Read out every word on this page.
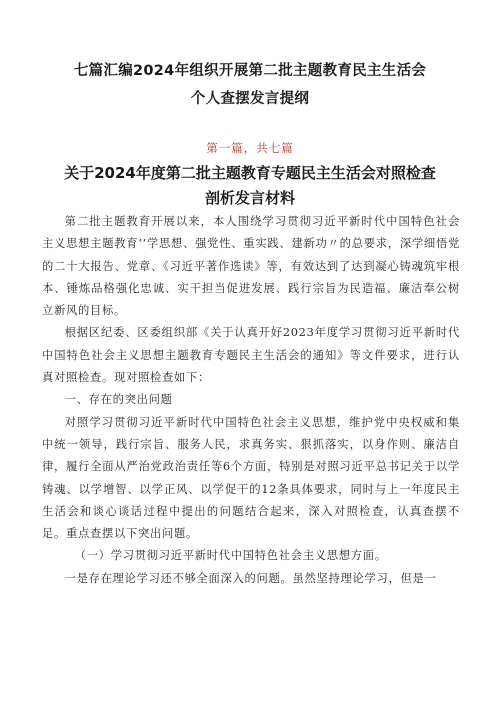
七篇汇编2024年组织开展第二批主题教育民主生活会
个人查摆发言提纲
第一篇，共七篇
关于2024年度第二批主题教育专题民主生活会对照检查
剖析发言材料

第二批主题教育开展以来，本人围绕学习贯彻习近平新时代中国特色社会主义思想主题教育‘’学思想、强党性、重实践、建新功〃的总要求，深学细悟党的二十大报告、党章、《习近平著作选读》等，有效达到了达到凝心铸魂筑牢根本、锤炼品格强化忠诚、实干担当促进发展、践行宗旨为民造福、廉洁奉公树立新风的目标。

根据区纪委、区委组织部《关于认真开好2023年度学习贯彻习近平新时代中国特色社会主义思想主题教育专题民主生活会的通知》等文件要求，进行认真对照检查。现对照检查如下：

一、存在的突出问题

对照学习贯彻习近平新时代中国特色社会主义思想，维护党中央权威和集中统一领导，践行宗旨、服务人民，求真务实、狠抓落实，以身作则、廉洁自律，履行全面从严治党政治责任等6个方面，特别是对照习近平总书记关于以学铸魂、以学增智、以学正风、以学促干的12条具体要求，同时与上一年度民主生活会和谈心谈话过程中提出的问题结合起来，深入对照检查，认真查摆不足。重点查摆以下突出问题。

（一）学习贯彻习近平新时代中国特色社会主义思想方面。

一是存在理论学习还不够全面深入的问题。虽然坚持理论学习，但是一
